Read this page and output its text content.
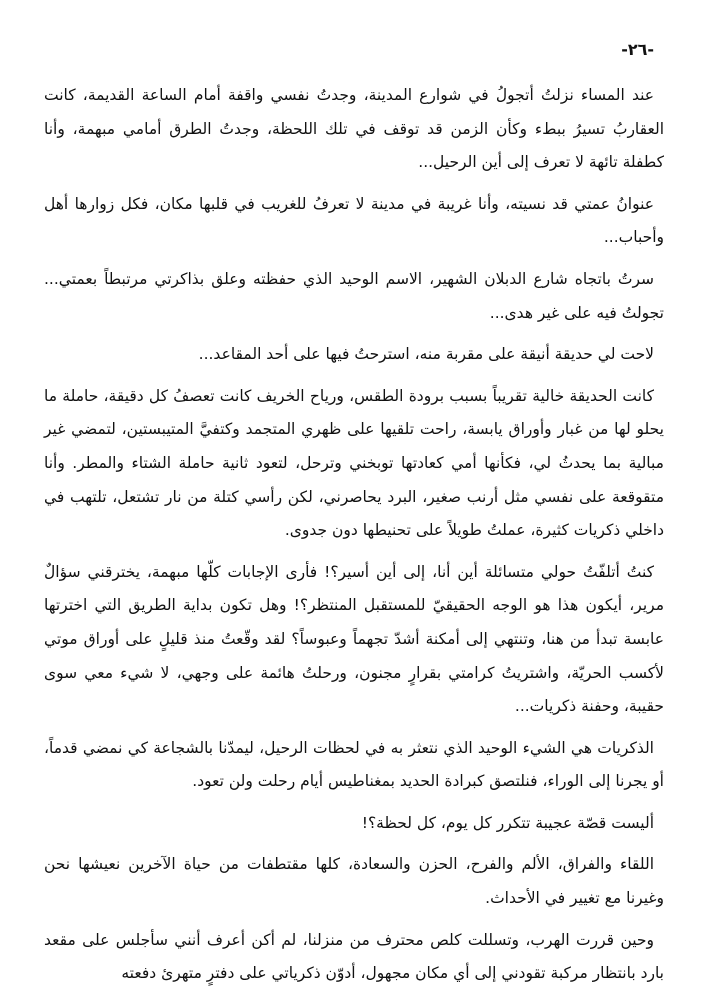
-٢٦-

عند المساء نزلتُ أتجولُ في شوارع المدينة، وجدتُ نفسي واقفة أمام الساعة القديمة، كانت العقاربُ تسيرُ ببطء وكأن الزمن قد توقف في تلك اللحظة، وجدتُ الطرق أمامي مبهمة، وأنا كطفلة تائهة لا تعرف إلى أين الرحيل...

عنوانُ عمتي قد نسيته، وأنا غريبة في مدينة لا تعرفُ للغريب في قلبها مكان، فكل زوارها أهل وأحباب...

سرتُ باتجاه شارع الدبلان الشهير، الاسم الوحيد الذي حفظته وعلق بذاكرتي مرتبطاً بعمتي... تجولتُ فيه على غير هدى...

لاحت لي حديقة أنيقة على مقربة منه، استرحتُ فيها على أحد المقاعد...

كانت الحديقة خالية تقريباً بسبب برودة الطقس، ورياح الخريف كانت تعصفُ كل دقيقة، حاملة ما يحلو لها من غبار وأوراق يابسة، راحت تلقيها على ظهري المتجمد وكتفيَّ المتيبستين، لتمضي غير مبالية بما يحدثُ لي، فكأنها أمي كعادتها توبخني وترحل، لتعود ثانية حاملة الشتاء والمطر. وأنا متقوقعة على نفسي مثل أرنب صغير، البرد يحاصرني، لكن رأسي كتلة من نار تشتعل، تلتهب في داخلي ذكريات كثيرة، عملتُ طويلاً على تحنيطها دون جدوى.

كنتُ أتلفّتُ حولي متسائلة أين أنا، إلى أين أسير؟! فأرى الإجابات كلّها مبهمة، يخترقني سؤالٌ مرير، أيكون هذا هو الوجه الحقيقيّ للمستقبل المنتظر؟! وهل تكون بداية الطريق التي اخترتها عابسة تبدأ من هنا، وتنتهي إلى أمكنة أشدّ تجهماً وعبوساً؟ لقد وقّعتُ منذ قليلٍ على أوراق موتي لأكسب الحريّة، واشتريتُ كرامتي بقرارٍ مجنون، ورحلتُ هائمة على وجهي، لا شيء معي سوى حقيبة، وحفنة ذكريات...

الذكريات هي الشيء الوحيد الذي نتعثر به في لحظات الرحيل، ليمدّنا بالشجاعة كي نمضي قدماً، أو يجرنا إلى الوراء، فنلتصق كبرادة الحديد بمغناطيس أيام رحلت ولن تعود.

أليست قصّة عجيبة تتكرر كل يوم، كل لحظة؟!

اللقاء والفراق، الألم والفرح، الحزن والسعادة، كلها مقتطفات من حياة الآخرين نعيشها نحن وغيرنا مع تغيير في الأحداث.

وحين قررت الهرب، وتسللت كلص محترف من منزلنا، لم أكن أعرف أنني سأجلس على مقعد بارد بانتظار مركبة تقودني إلى أي مكان مجهول، أدوّن ذكرياتي على دفترٍ متهرئ دفعته
